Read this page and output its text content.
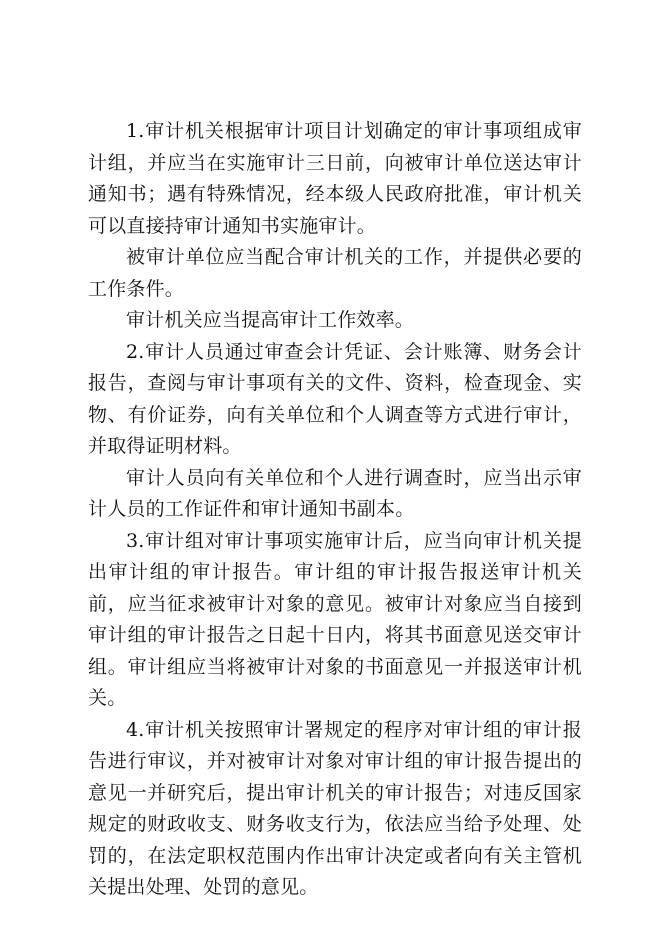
1.审计机关根据审计项目计划确定的审计事项组成审计组，并应当在实施审计三日前，向被审计单位送达审计通知书；遇有特殊情况，经本级人民政府批准，审计机关可以直接持审计通知书实施审计。

被审计单位应当配合审计机关的工作，并提供必要的工作条件。

审计机关应当提高审计工作效率。

2.审计人员通过审查会计凭证、会计账簿、财务会计报告，查阅与审计事项有关的文件、资料，检查现金、实物、有价证券，向有关单位和个人调查等方式进行审计，并取得证明材料。

审计人员向有关单位和个人进行调查时，应当出示审计人员的工作证件和审计通知书副本。

3.审计组对审计事项实施审计后，应当向审计机关提出审计组的审计报告。审计组的审计报告报送审计机关前，应当征求被审计对象的意见。被审计对象应当自接到审计组的审计报告之日起十日内，将其书面意见送交审计组。审计组应当将被审计对象的书面意见一并报送审计机关。

4.审计机关按照审计署规定的程序对审计组的审计报告进行审议，并对被审计对象对审计组的审计报告提出的意见一并研究后，提出审计机关的审计报告；对违反国家规定的财政收支、财务收支行为，依法应当给予处理、处罚的，在法定职权范围内作出审计决定或者向有关主管机关提出处理、处罚的意见。
